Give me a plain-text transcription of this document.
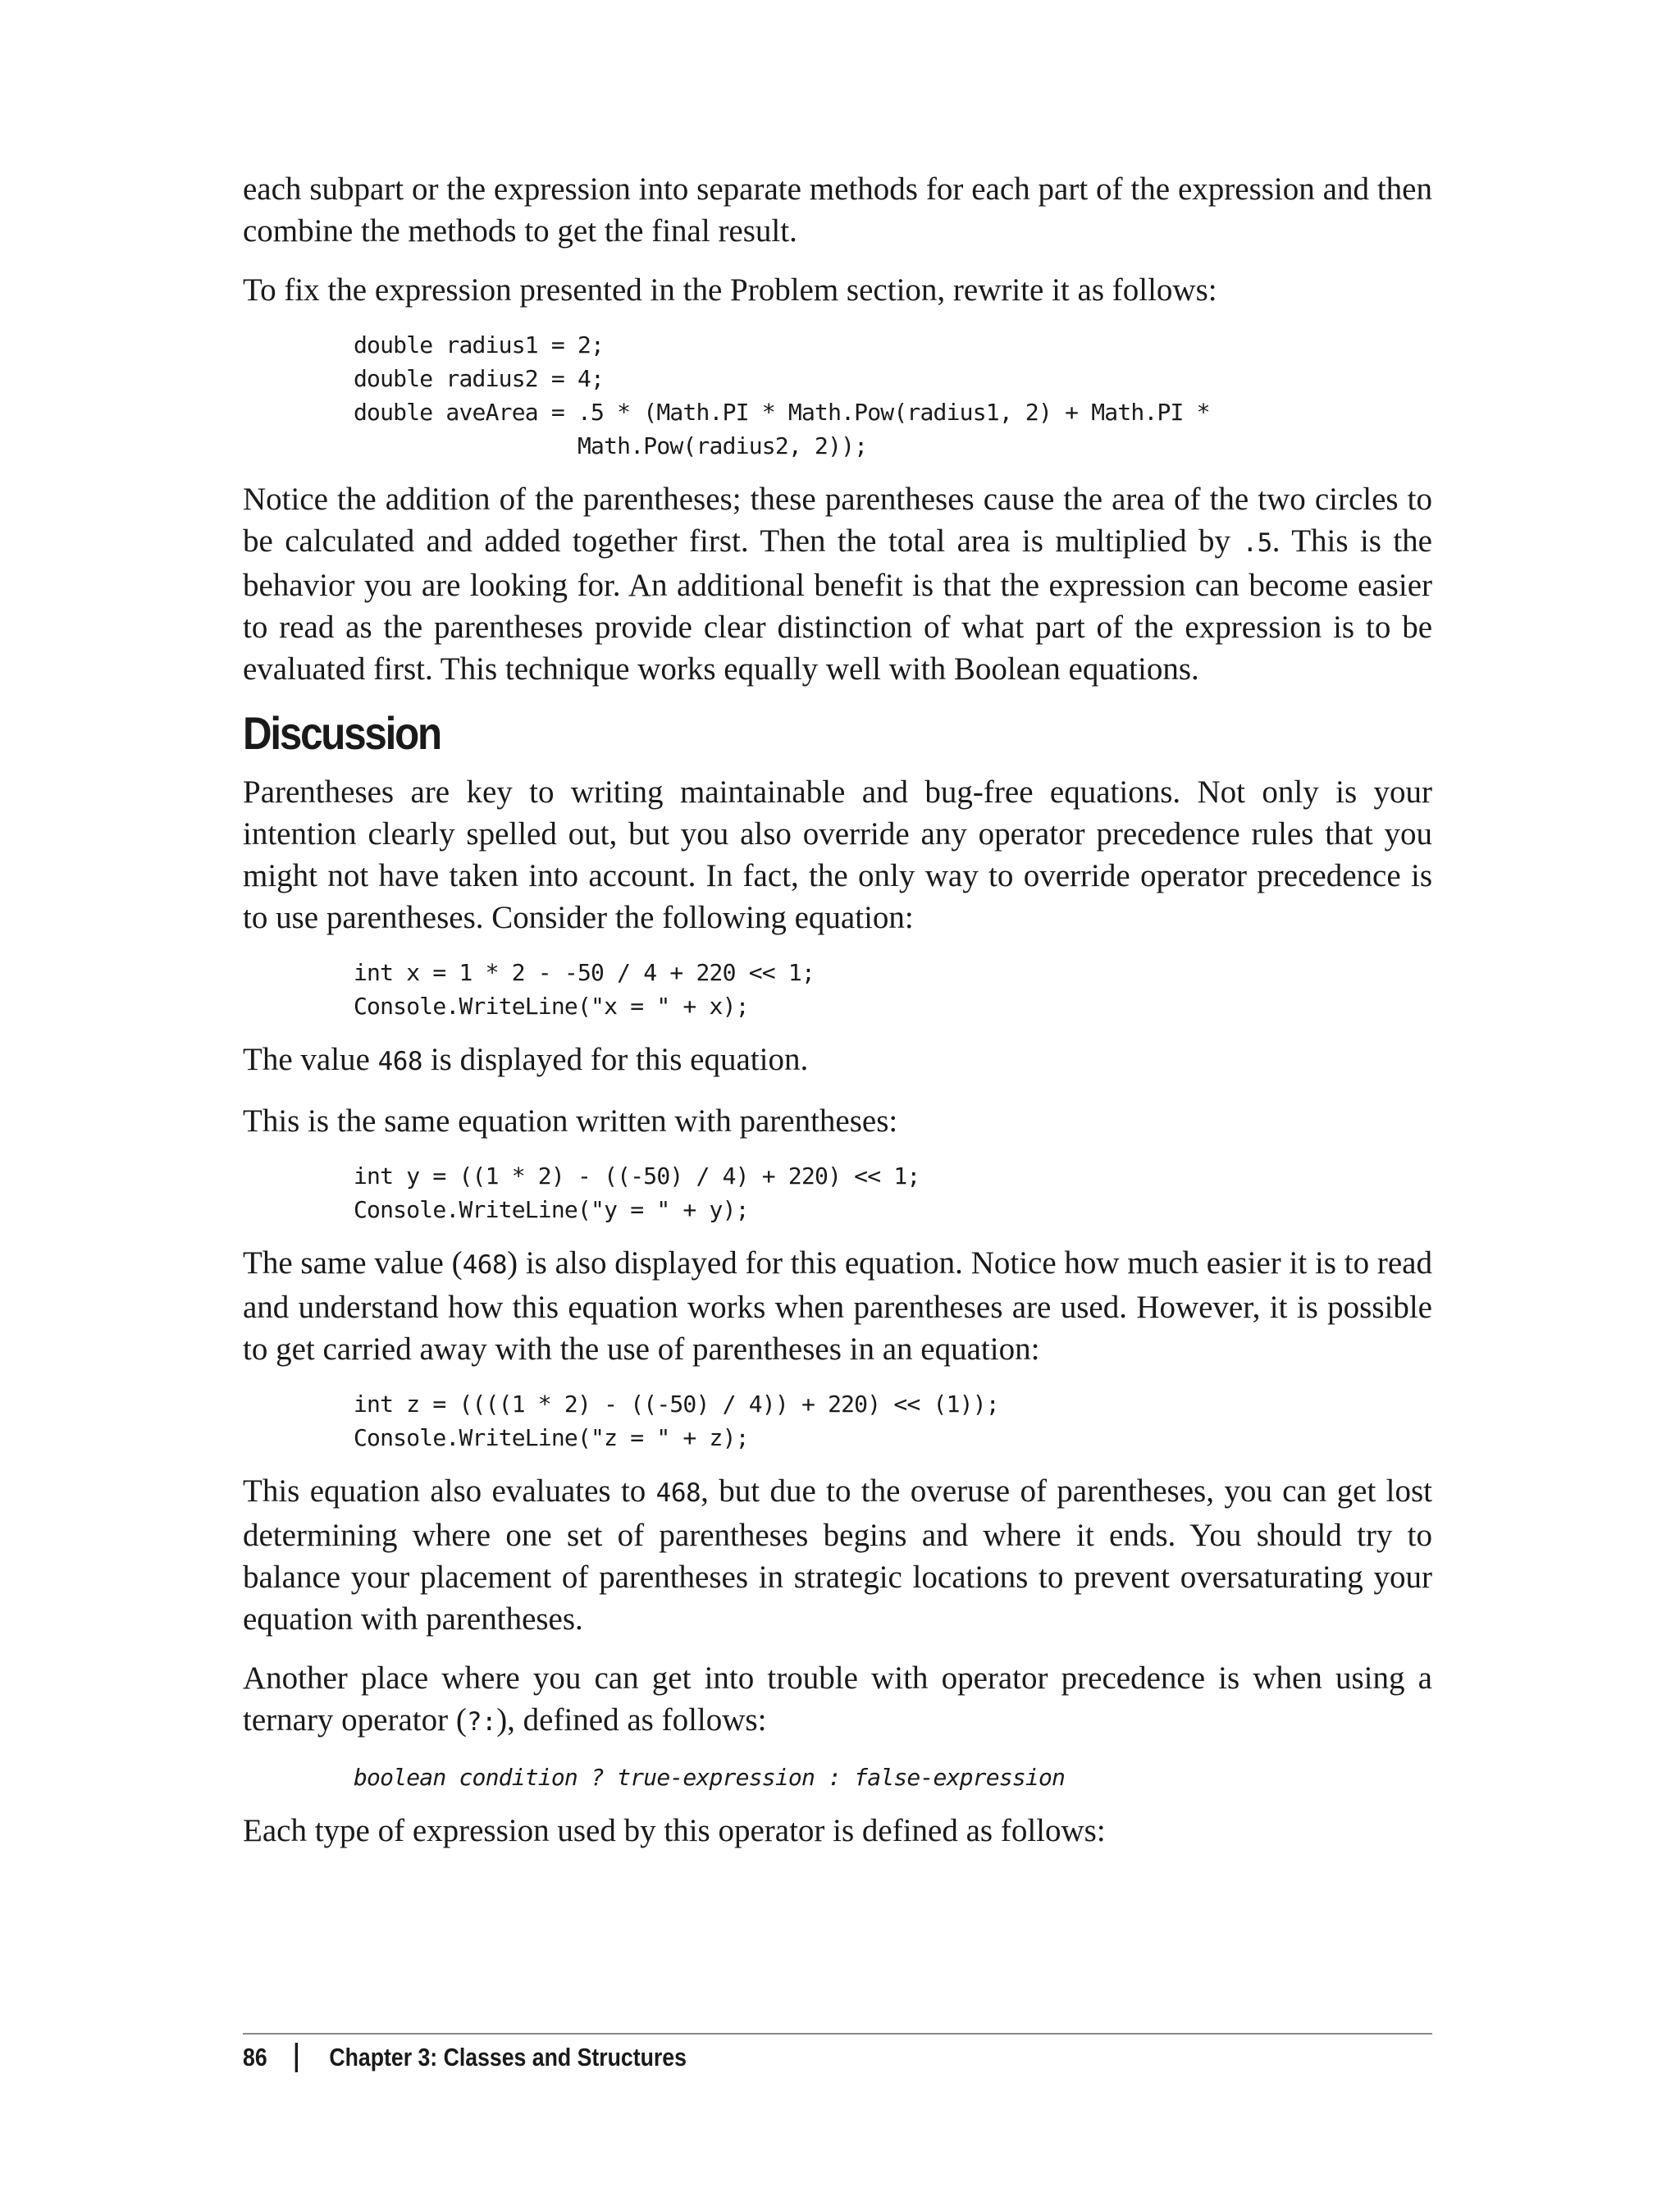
each subpart or the expression into separate methods for each part of the expression and then combine the methods to get the final result.

To fix the expression presented in the Problem section, rewrite it as follows:

double radius1 = 2;
double radius2 = 4;
double aveArea = .5 * (Math.PI * Math.Pow(radius1, 2) + Math.PI *
Math.Pow(radius2, 2));

Notice the addition of the parentheses; these parentheses cause the area of the two circles to be calculated and added together first. Then the total area is multiplied by .5. This is the behavior you are looking for. An additional benefit is that the expression can become easier to read as the parentheses provide clear distinction of what part of the expression is to be evaluated first. This technique works equally well with Boolean equations.

Discussion

Parentheses are key to writing maintainable and bug-free equations. Not only is your intention clearly spelled out, but you also override any operator precedence rules that you might not have taken into account. In fact, the only way to override operator precedence is to use parentheses. Consider the following equation:

int x = 1 * 2 - -50 / 4 + 220 << 1;
Console.WriteLine("x = " + x);

The value 468 is displayed for this equation.

This is the same equation written with parentheses:

int y = ((1 * 2) - ((-50) / 4) + 220) << 1;
Console.WriteLine("y = " + y);

The same value (468) is also displayed for this equation. Notice how much easier it is to read and understand how this equation works when parentheses are used. However, it is possible to get carried away with the use of parentheses in an equation:

int z = ((((1 * 2) - ((-50) / 4)) + 220) << (1));
Console.WriteLine("z = " + z);

This equation also evaluates to 468, but due to the overuse of parentheses, you can get lost determining where one set of parentheses begins and where it ends. You should try to balance your placement of parentheses in strategic locations to prevent oversaturating your equation with parentheses.

Another place where you can get into trouble with operator precedence is when using a ternary operator (?:), defined as follows:

boolean condition ? true-expression : false-expression

Each type of expression used by this operator is defined as follows:

86 Chapter 3: Classes and Structures
